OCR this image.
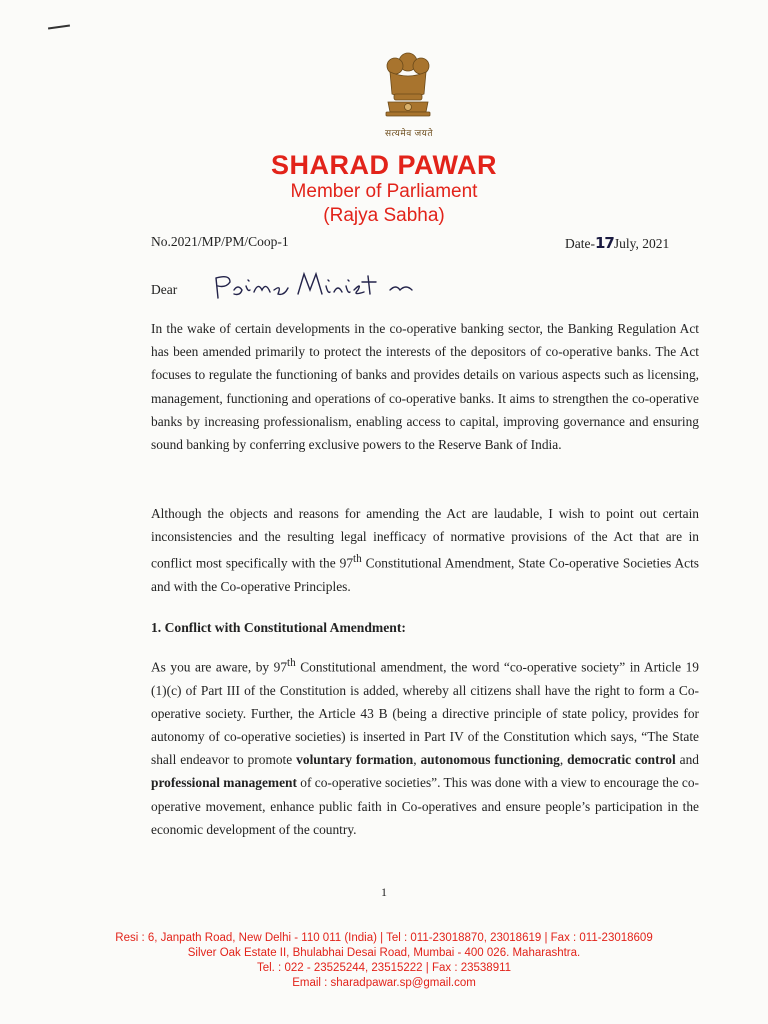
सत्यमेव जयते
SHARAD PAWAR
Member of Parliament
(Rajya Sabha)
No.2021/MP/PM/Coop-1	Date-17July, 2021
Dear

In the wake of certain developments in the co-operative banking sector, the Banking Regulation Act has been amended primarily to protect the interests of the depositors of co-operative banks. The Act focuses to regulate the functioning of banks and provides details on various aspects such as licensing, management, functioning and operations of co-operative banks. It aims to strengthen the co-operative banks by increasing professionalism, enabling access to capital, improving governance and ensuring sound banking by conferring exclusive powers to the Reserve Bank of India.

Although the objects and reasons for amending the Act are laudable, I wish to point out certain inconsistencies and the resulting legal inefficacy of normative provisions of the Act that are in conflict most specifically with the 97th Constitutional Amendment, State Co-operative Societies Acts and with the Co-operative Principles.

1. Conflict with Constitutional Amendment:

As you are aware, by 97th Constitutional amendment, the word “co-operative society” in Article 19 (1)(c) of Part III of the Constitution is added, whereby all citizens shall have the right to form a Co-operative society. Further, the Article 43 B (being a directive principle of state policy, provides for autonomy of co-operative societies) is inserted in Part IV of the Constitution which says, “The State shall endeavor to promote voluntary formation, autonomous functioning, democratic control and professional management of co-operative societies”. This was done with a view to encourage the co-operative movement, enhance public faith in Co-operatives and ensure people’s participation in the economic development of the country.

1
Resi : 6, Janpath Road, New Delhi - 110 011 (India) | Tel : 011-23018870, 23018619 | Fax : 011-23018609
Silver Oak Estate II, Bhulabhai Desai Road, Mumbai - 400 026. Maharashtra.
Tel. : 022 - 23525244, 23515222 | Fax : 23538911
Email : sharadpawar.sp@gmail.com
